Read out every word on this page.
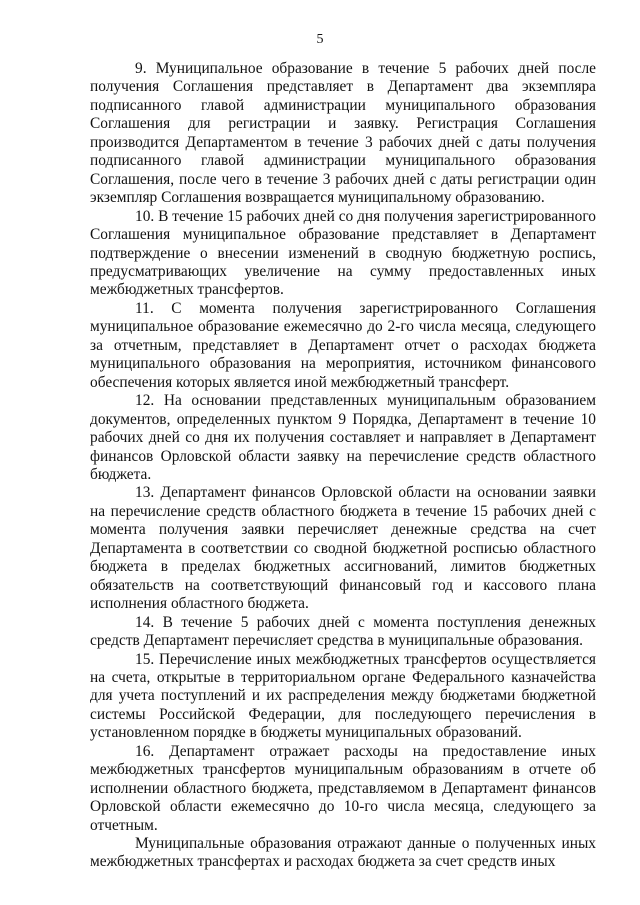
5

9. Муниципальное образование в течение 5 рабочих дней после получения Соглашения представляет в Департамент два экземпляра подписанного главой администрации муниципального образования Соглашения для регистрации и заявку. Регистрация Соглашения производится Департаментом в течение 3 рабочих дней с даты получения подписанного главой администрации муниципального образования Соглашения, после чего в течение 3 рабочих дней с даты регистрации один экземпляр Соглашения возвращается муниципальному образованию.

10. В течение 15 рабочих дней со дня получения зарегистрированного Соглашения муниципальное образование представляет в Департамент подтверждение о внесении изменений в сводную бюджетную роспись, предусматривающих увеличение на сумму предоставленных иных межбюджетных трансфертов.

11. С момента получения зарегистрированного Соглашения муниципальное образование ежемесячно до 2-го числа месяца, следующего за отчетным, представляет в Департамент отчет о расходах бюджета муниципального образования на мероприятия, источником финансового обеспечения которых является иной межбюджетный трансферт.

12. На основании представленных муниципальным образованием документов, определенных пунктом 9 Порядка, Департамент в течение 10 рабочих дней со дня их получения составляет и направляет в Департамент финансов Орловской области заявку на перечисление средств областного бюджета.

13. Департамент финансов Орловской области на основании заявки на перечисление средств областного бюджета в течение 15 рабочих дней с момента получения заявки перечисляет денежные средства на счет Департамента в соответствии со сводной бюджетной росписью областного бюджета в пределах бюджетных ассигнований, лимитов бюджетных обязательств на соответствующий финансовый год и кассового плана исполнения областного бюджета.

14. В течение 5 рабочих дней с момента поступления денежных средств Департамент перечисляет средства в муниципальные образования.

15. Перечисление иных межбюджетных трансфертов осуществляется на счета, открытые в территориальном органе Федерального казначейства для учета поступлений и их распределения между бюджетами бюджетной системы Российской Федерации, для последующего перечисления в установленном порядке в бюджеты муниципальных образований.

16. Департамент отражает расходы на предоставление иных межбюджетных трансфертов муниципальным образованиям в отчете об исполнении областного бюджета, представляемом в Департамент финансов Орловской области ежемесячно до 10-го числа месяца, следующего за отчетным.

Муниципальные образования отражают данные о полученных иных межбюджетных трансфертах и расходах бюджета за счет средств иных
